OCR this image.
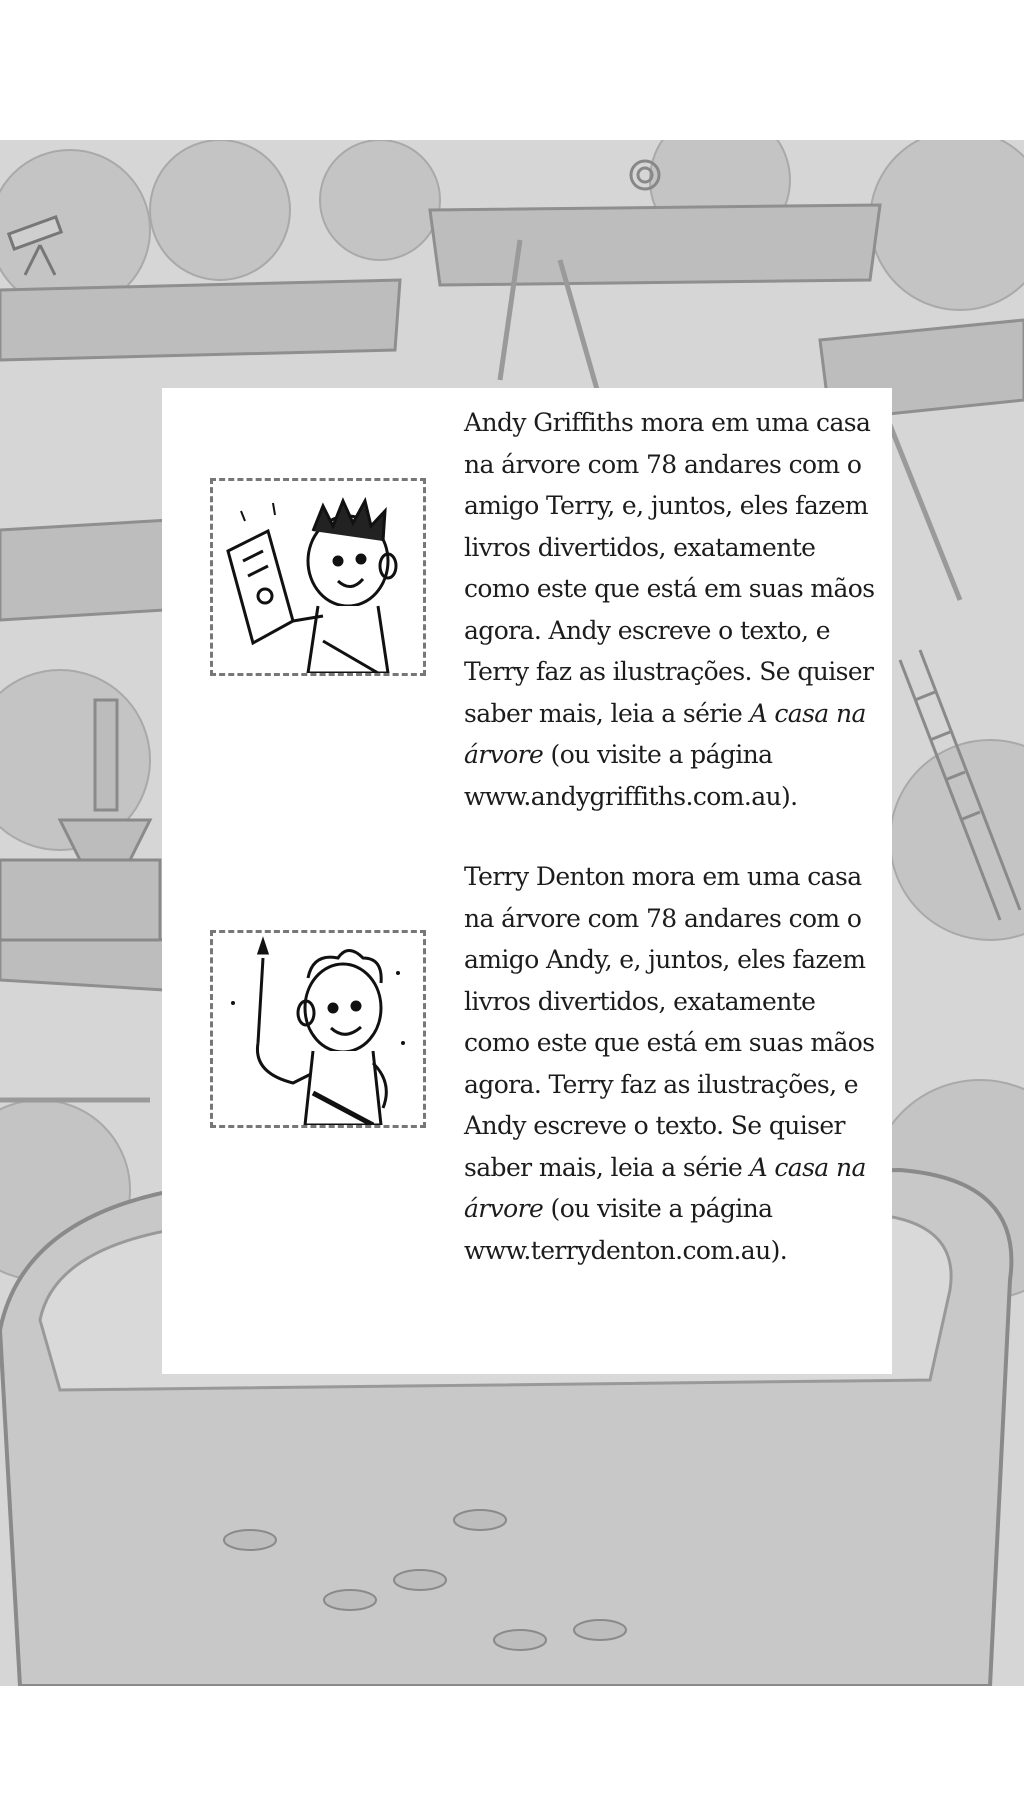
Andy Griffiths mora em uma casa
na árvore com 78 andares com o
amigo Terry, e, juntos, eles fazem
livros divertidos, exatamente
como este que está em suas mãos
agora. Andy escreve o texto, e
Terry faz as ilustrações. Se quiser
saber mais, leia a série A casa na
árvore (ou visite a página
www.andygriffiths.com.au).

Terry Denton mora em uma casa
na árvore com 78 andares com o
amigo Andy, e, juntos, eles fazem
livros divertidos, exatamente
como este que está em suas mãos
agora. Terry faz as ilustrações, e
Andy escreve o texto. Se quiser
saber mais, leia a série A casa na
árvore (ou visite a página
www.terrydenton.com.au).
